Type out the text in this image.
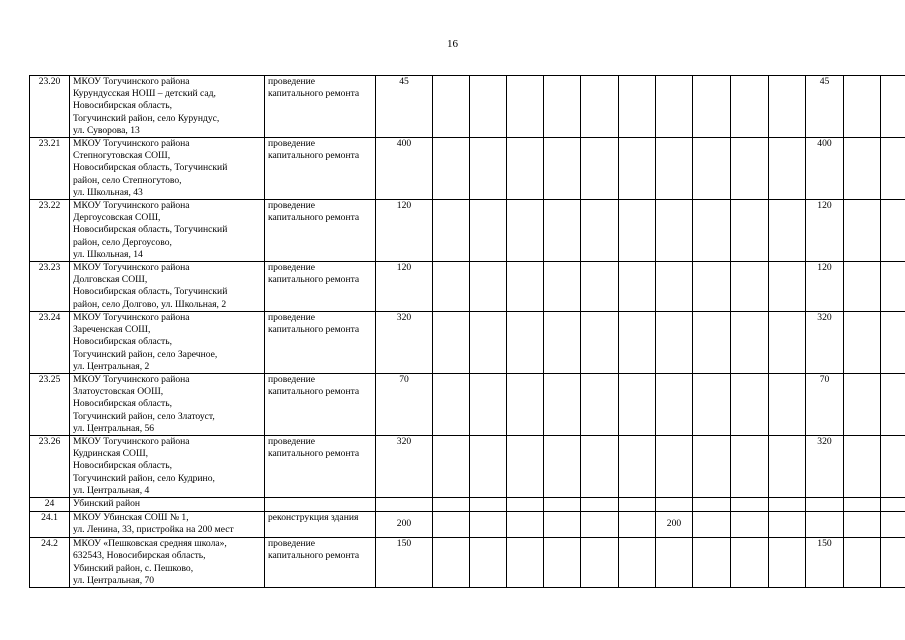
16
23.20	МКОУ Тогучинского района
Курундусская НОШ – детский сад,
Новосибирская область,
Тогучинский район, село Курундус,
ул. Суворова, 13	проведение
капитального ремонта	45											45		
23.21	МКОУ Тогучинского района
Степногутовская СОШ,
Новосибирская область, Тогучинский
район, село Степногутово,
ул. Школьная, 43	проведение
капитального ремонта	400											400		
23.22	МКОУ Тогучинского района
Дергоусовская СОШ,
Новосибирская область, Тогучинский
район, село Дергоусово,
ул. Школьная, 14	проведение
капитального ремонта	120											120		
23.23	МКОУ Тогучинского района
Долговская СОШ,
Новосибирская область, Тогучинский
район, село Долгово, ул. Школьная, 2	проведение
капитального ремонта	120											120		
23.24	МКОУ Тогучинского района
Зареченская СОШ,
Новосибирская область,
Тогучинский район, село Заречное,
ул. Центральная, 2	проведение
капитального ремонта	320											320		
23.25	МКОУ Тогучинского района
Златоустовская ООШ,
Новосибирская область,
Тогучинский район, село Златоуст,
ул. Центральная, 56	проведение
капитального ремонта	70											70		
23.26	МКОУ Тогучинского района
Кудринская СОШ,
Новосибирская область,
Тогучинский район, село Кудрино,
ул. Центральная, 4	проведение
капитального ремонта	320											320		
24	Убинский район															
24.1	МКОУ Убинская СОШ № 1,
ул. Ленина, 33, пристройка на 200 мест	реконструкция здания	200							200						
24.2	МКОУ «Пешковская средняя школа»,
632543, Новосибирская область,
Убинский район, с. Пешково,
ул. Центральная, 70	проведение
капитального ремонта	150											150		
